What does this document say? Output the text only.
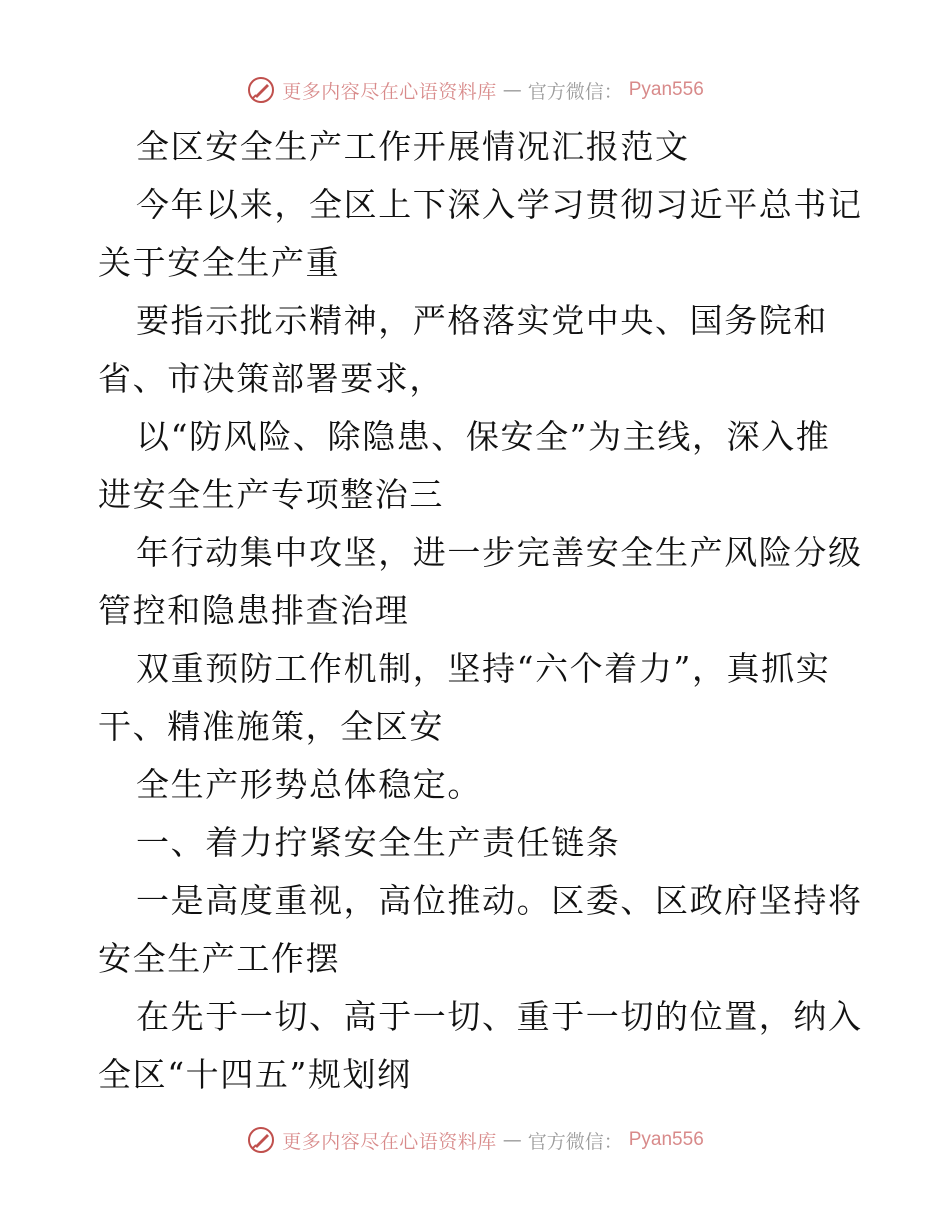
更多内容尽在心语资料库 — 官方微信： Pyan556
全区安全生产工作开展情况汇报范文
今年以来，全区上下深入学习贯彻习近平总书记
关于安全生产重
要指示批示精神，严格落实党中央、国务院和
省、市决策部署要求，
以“防风险、除隐患、保安全”为主线，深入推
进安全生产专项整治三
年行动集中攻坚，进一步完善安全生产风险分级
管控和隐患排查治理
双重预防工作机制，坚持“六个着力”，真抓实
干、精准施策，全区安
全生产形势总体稳定。
一、着力拧紧安全生产责任链条
一是高度重视，高位推动。区委、区政府坚持将
安全生产工作摆
在先于一切、高于一切、重于一切的位置，纳入
全区“十四五”规划纲
更多内容尽在心语资料库 — 官方微信： Pyan556
